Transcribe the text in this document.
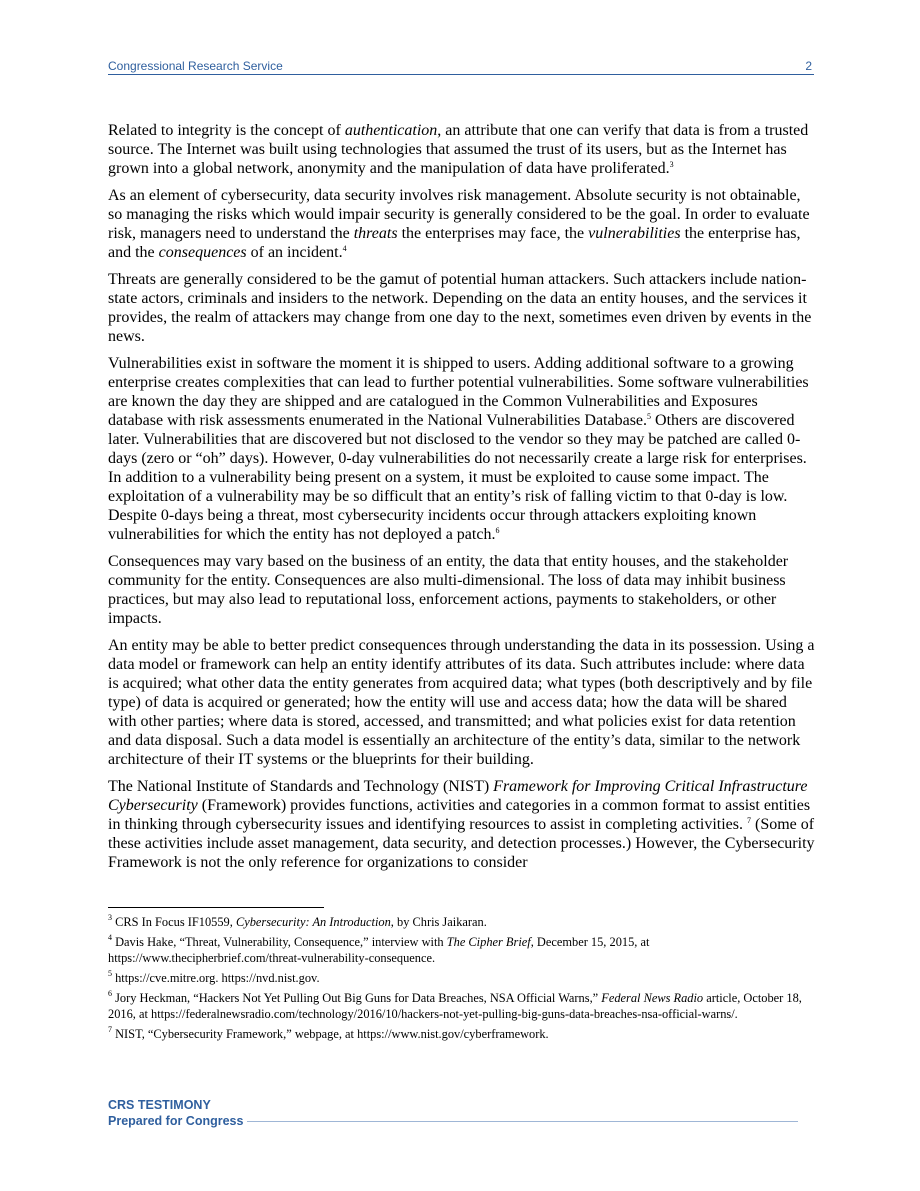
Congressional Research Service	2

Related to integrity is the concept of authentication, an attribute that one can verify that data is from a trusted source. The Internet was built using technologies that assumed the trust of its users, but as the Internet has grown into a global network, anonymity and the manipulation of data have proliferated.$^3$

As an element of cybersecurity, data security involves risk management. Absolute security is not obtainable, so managing the risks which would impair security is generally considered to be the goal. In order to evaluate risk, managers need to understand the threats the enterprises may face, the vulnerabilities the enterprise has, and the consequences of an incident.$^4$

Threats are generally considered to be the gamut of potential human attackers. Such attackers include nation-state actors, criminals and insiders to the network. Depending on the data an entity houses, and the services it provides, the realm of attackers may change from one day to the next, sometimes even driven by events in the news.

Vulnerabilities exist in software the moment it is shipped to users. Adding additional software to a growing enterprise creates complexities that can lead to further potential vulnerabilities. Some software vulnerabilities are known the day they are shipped and are catalogued in the Common Vulnerabilities and Exposures database with risk assessments enumerated in the National Vulnerabilities Database.$^5$ Others are discovered later. Vulnerabilities that are discovered but not disclosed to the vendor so they may be patched are called 0-days (zero or “oh” days). However, 0-day vulnerabilities do not necessarily create a large risk for enterprises. In addition to a vulnerability being present on a system, it must be exploited to cause some impact. The exploitation of a vulnerability may be so difficult that an entity’s risk of falling victim to that 0-day is low. Despite 0-days being a threat, most cybersecurity incidents occur through attackers exploiting known vulnerabilities for which the entity has not deployed a patch.$^6$

Consequences may vary based on the business of an entity, the data that entity houses, and the stakeholder community for the entity. Consequences are also multi-dimensional. The loss of data may inhibit business practices, but may also lead to reputational loss, enforcement actions, payments to stakeholders, or other impacts.

An entity may be able to better predict consequences through understanding the data in its possession. Using a data model or framework can help an entity identify attributes of its data. Such attributes include: where data is acquired; what other data the entity generates from acquired data; what types (both descriptively and by file type) of data is acquired or generated; how the entity will use and access data; how the data will be shared with other parties; where data is stored, accessed, and transmitted; and what policies exist for data retention and data disposal. Such a data model is essentially an architecture of the entity’s data, similar to the network architecture of their IT systems or the blueprints for their building.

The National Institute of Standards and Technology (NIST) Framework for Improving Critical Infrastructure Cybersecurity (Framework) provides functions, activities and categories in a common format to assist entities in thinking through cybersecurity issues and identifying resources to assist in completing activities. $^7$ (Some of these activities include asset management, data security, and detection processes.) However, the Cybersecurity Framework is not the only reference for organizations to consider

$^3$ CRS In Focus IF10559, Cybersecurity: An Introduction, by Chris Jaikaran.
$^4$ Davis Hake, “Threat, Vulnerability, Consequence,” interview with The Cipher Brief, December 15, 2015, at https://www.thecipherbrief.com/threat-vulnerability-consequence.
$^5$ https://cve.mitre.org. https://nvd.nist.gov.
$^6$ Jory Heckman, “Hackers Not Yet Pulling Out Big Guns for Data Breaches, NSA Official Warns,” Federal News Radio article, October 18, 2016, at https://federalnewsradio.com/technology/2016/10/hackers-not-yet-pulling-big-guns-data-breaches-nsa-official-warns/.
$^7$ NIST, “Cybersecurity Framework,” webpage, at https://www.nist.gov/cyberframework.
CRS TESTIMONY
Prepared for Congress
